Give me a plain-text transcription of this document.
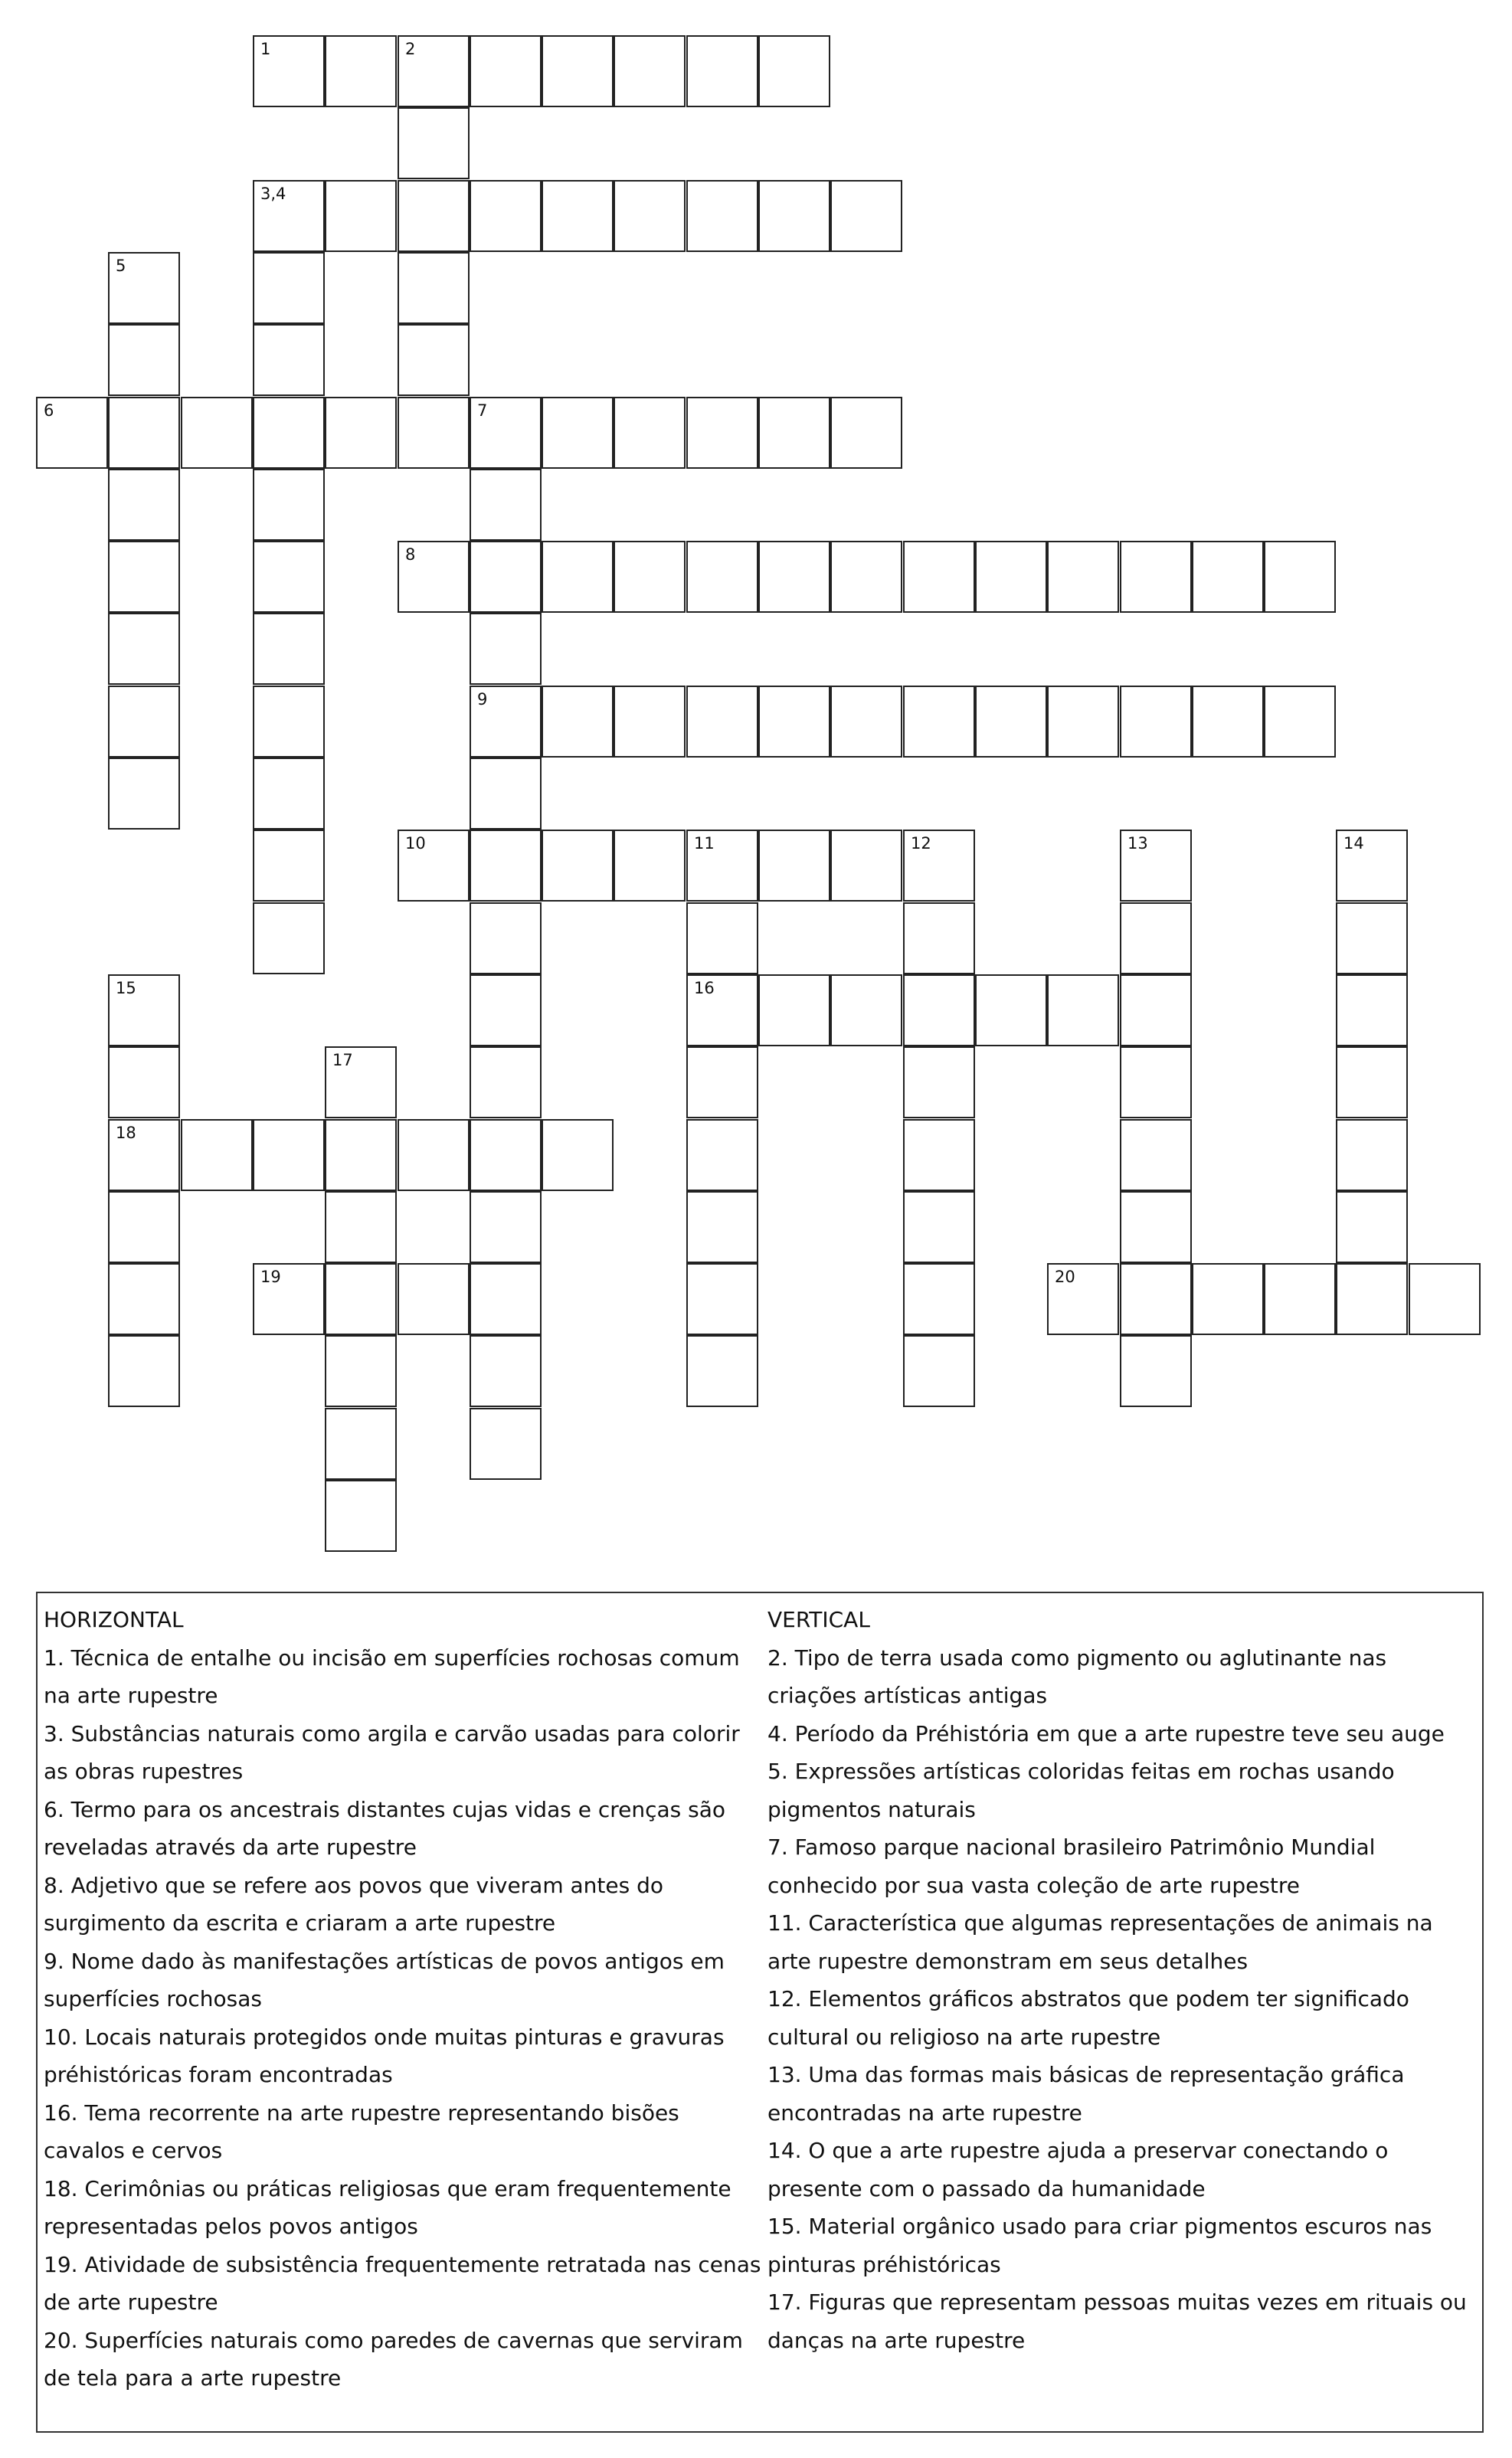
1	2
3,4
5
6	7
8
9
10	11	12	13	14
15	16
17
18
19	20

HORIZONTAL

1. Técnica de entalhe ou incisão em superfícies rochosas comum na arte rupestre

3. Substâncias naturais como argila e carvão usadas para colorir as obras rupestres

6. Termo para os ancestrais distantes cujas vidas e crenças são reveladas através da arte rupestre

8. Adjetivo que se refere aos povos que viveram antes do surgimento da escrita e criaram a arte rupestre

9. Nome dado às manifestações artísticas de povos antigos em superfícies rochosas

10. Locais naturais protegidos onde muitas pinturas e gravuras préhistóricas foram encontradas

16. Tema recorrente na arte rupestre representando bisões cavalos e cervos

18. Cerimônias ou práticas religiosas que eram frequentemente representadas pelos povos antigos

19. Atividade de subsistência frequentemente retratada nas cenas de arte rupestre

20. Superfícies naturais como paredes de cavernas que serviram de tela para a arte rupestre

VERTICAL

2. Tipo de terra usada como pigmento ou aglutinante nas criações artísticas antigas

4. Período da Préhistória em que a arte rupestre teve seu auge

5. Expressões artísticas coloridas feitas em rochas usando pigmentos naturais

7. Famoso parque nacional brasileiro Patrimônio Mundial conhecido por sua vasta coleção de arte rupestre

11. Característica que algumas representações de animais na arte rupestre demonstram em seus detalhes

12. Elementos gráficos abstratos que podem ter significado cultural ou religioso na arte rupestre

13. Uma das formas mais básicas de representação gráfica encontradas na arte rupestre

14. O que a arte rupestre ajuda a preservar conectando o presente com o passado da humanidade

15. Material orgânico usado para criar pigmentos escuros nas pinturas préhistóricas

17. Figuras que representam pessoas muitas vezes em rituais ou danças na arte rupestre
